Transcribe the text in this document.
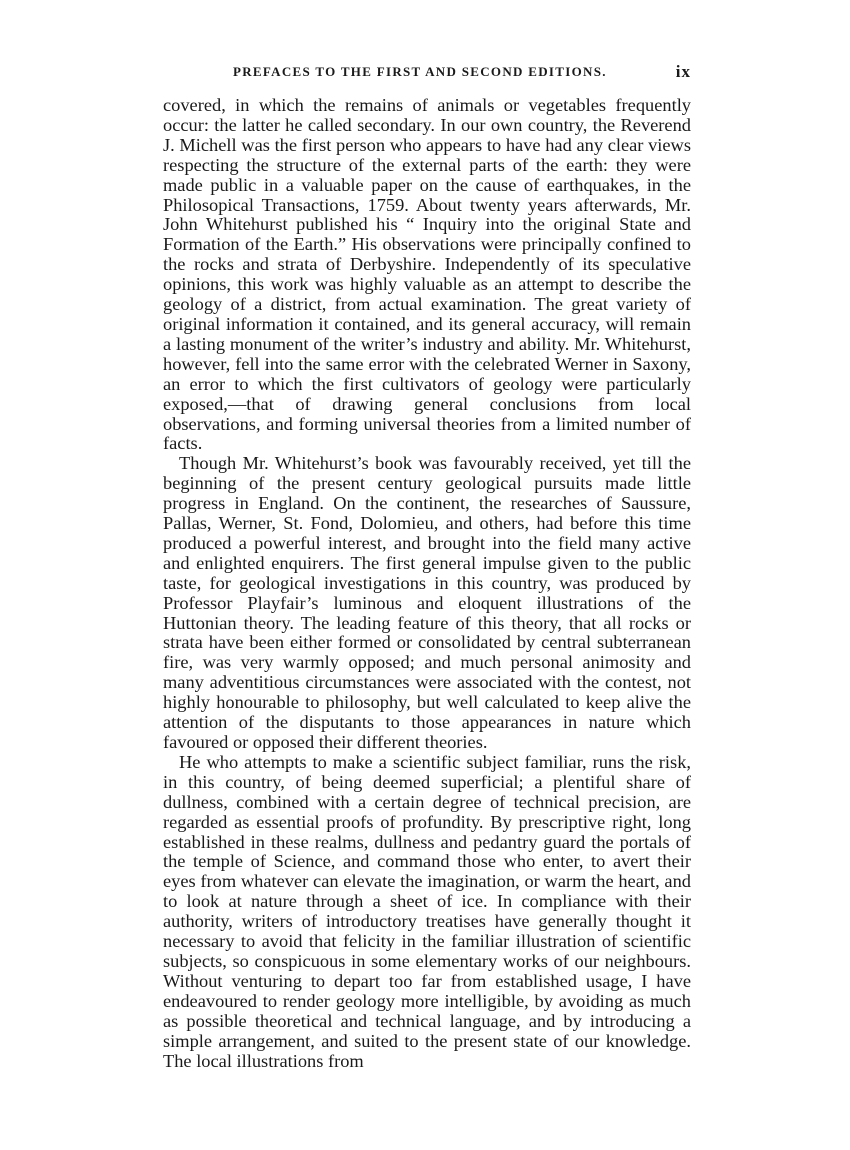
PREFACES TO THE FIRST AND SECOND EDITIONS.	ix

covered, in which the remains of animals or vegetables frequently occur: the latter he called secondary. In our own country, the Reverend J. Michell was the first person who appears to have had any clear views respecting the structure of the external parts of the earth: they were made public in a valuable paper on the cause of earthquakes, in the Philosopical Transactions, 1759. About twenty years afterwards, Mr. John Whitehurst published his “ Inquiry into the original State and Formation of the Earth.” His observations were principally confined to the rocks and strata of Derbyshire. Independently of its speculative opinions, this work was highly valuable as an attempt to describe the geology of a district, from actual examination. The great variety of original information it contained, and its general accuracy, will remain a lasting monument of the writer’s industry and ability. Mr. Whitehurst, however, fell into the same error with the celebrated Werner in Saxony, an error to which the first cultivators of geology were particularly exposed,—that of drawing general conclusions from local observations, and forming universal theories from a limited number of facts.

Though Mr. Whitehurst’s book was favourably received, yet till the beginning of the present century geological pursuits made little progress in England. On the continent, the researches of Saussure, Pallas, Werner, St. Fond, Dolomieu, and others, had before this time produced a powerful interest, and brought into the field many active and enlighted enquirers. The first general impulse given to the public taste, for geological investigations in this country, was produced by Professor Playfair’s luminous and eloquent illustrations of the Huttonian theory. The leading feature of this theory, that all rocks or strata have been either formed or consolidated by central subterranean fire, was very warmly opposed; and much personal animosity and many adventitious circumstances were associated with the contest, not highly honourable to philosophy, but well calculated to keep alive the attention of the disputants to those appearances in nature which favoured or opposed their different theories.

He who attempts to make a scientific subject familiar, runs the risk, in this country, of being deemed superficial; a plentiful share of dullness, combined with a certain degree of technical precision, are regarded as essential proofs of profundity. By prescriptive right, long established in these realms, dullness and pedantry guard the portals of the temple of Science, and command those who enter, to avert their eyes from whatever can elevate the imagination, or warm the heart, and to look at nature through a sheet of ice. In compliance with their authority, writers of introductory treatises have generally thought it necessary to avoid that felicity in the familiar illustration of scientific subjects, so conspicuous in some elementary works of our neighbours. Without venturing to depart too far from established usage, I have endeavoured to render geology more intelligible, by avoiding as much as possible theoretical and technical language, and by introducing a simple arrangement, and suited to the present state of our knowledge. The local illustrations from
